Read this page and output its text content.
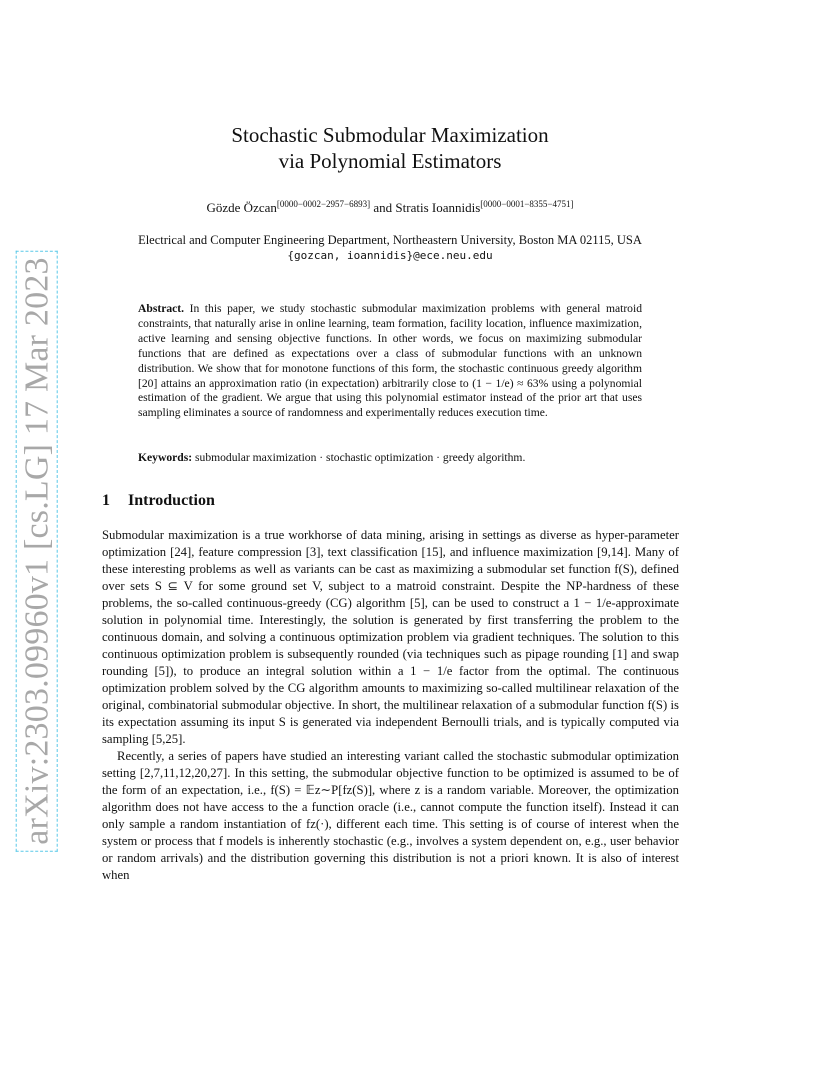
arXiv:2303.09960v1 [cs.LG] 17 Mar 2023
Stochastic Submodular Maximization
via Polynomial Estimators
Gözde Özcan[0000−0002−2957−6893] and Stratis Ioannidis[0000−0001−8355−4751]
Electrical and Computer Engineering Department, Northeastern University, Boston MA 02115, USA
{gozcan, ioannidis}@ece.neu.edu
Abstract. In this paper, we study stochastic submodular maximization problems with general matroid constraints, that naturally arise in online learning, team formation, facility location, influence maximization, active learning and sensing objective functions. In other words, we focus on maximizing submodular functions that are defined as expectations over a class of submodular functions with an unknown distribution. We show that for monotone functions of this form, the stochastic continuous greedy algorithm [20] attains an approximation ratio (in expectation) arbitrarily close to (1 − 1/e) ≈ 63% using a polynomial estimation of the gradient. We argue that using this polynomial estimator instead of the prior art that uses sampling eliminates a source of randomness and experimentally reduces execution time.
Keywords: submodular maximization · stochastic optimization · greedy algorithm.
1 Introduction

Submodular maximization is a true workhorse of data mining, arising in settings as diverse as hyper-parameter optimization [24], feature compression [3], text classification [15], and influence maximization [9,14]. Many of these interesting problems as well as variants can be cast as maximizing a submodular set function f(S), defined over sets S ⊆ V for some ground set V, subject to a matroid constraint. Despite the NP-hardness of these problems, the so-called continuous-greedy (CG) algorithm [5], can be used to construct a 1 − 1/e-approximate solution in polynomial time. Interestingly, the solution is generated by first transferring the problem to the continuous domain, and solving a continuous optimization problem via gradient techniques. The solution to this continuous optimization problem is subsequently rounded (via techniques such as pipage rounding [1] and swap rounding [5]), to produce an integral solution within a 1 − 1/e factor from the optimal. The continuous optimization problem solved by the CG algorithm amounts to maximizing so-called multilinear relaxation of the original, combinatorial submodular objective. In short, the multilinear relaxation of a submodular function f(S) is its expectation assuming its input S is generated via independent Bernoulli trials, and is typically computed via sampling [5,25].

Recently, a series of papers have studied an interesting variant called the stochastic submodular optimization setting [2,7,11,12,20,27]. In this setting, the submodular objective function to be optimized is assumed to be of the form of an expectation, i.e., f(S) = 𝔼z∼P[fz(S)], where z is a random variable. Moreover, the optimization algorithm does not have access to the a function oracle (i.e., cannot compute the function itself). Instead it can only sample a random instantiation of fz(·), different each time. This setting is of course of interest when the system or process that f models is inherently stochastic (e.g., involves a system dependent on, e.g., user behavior or random arrivals) and the distribution governing this distribution is not a priori known. It is also of interest when
